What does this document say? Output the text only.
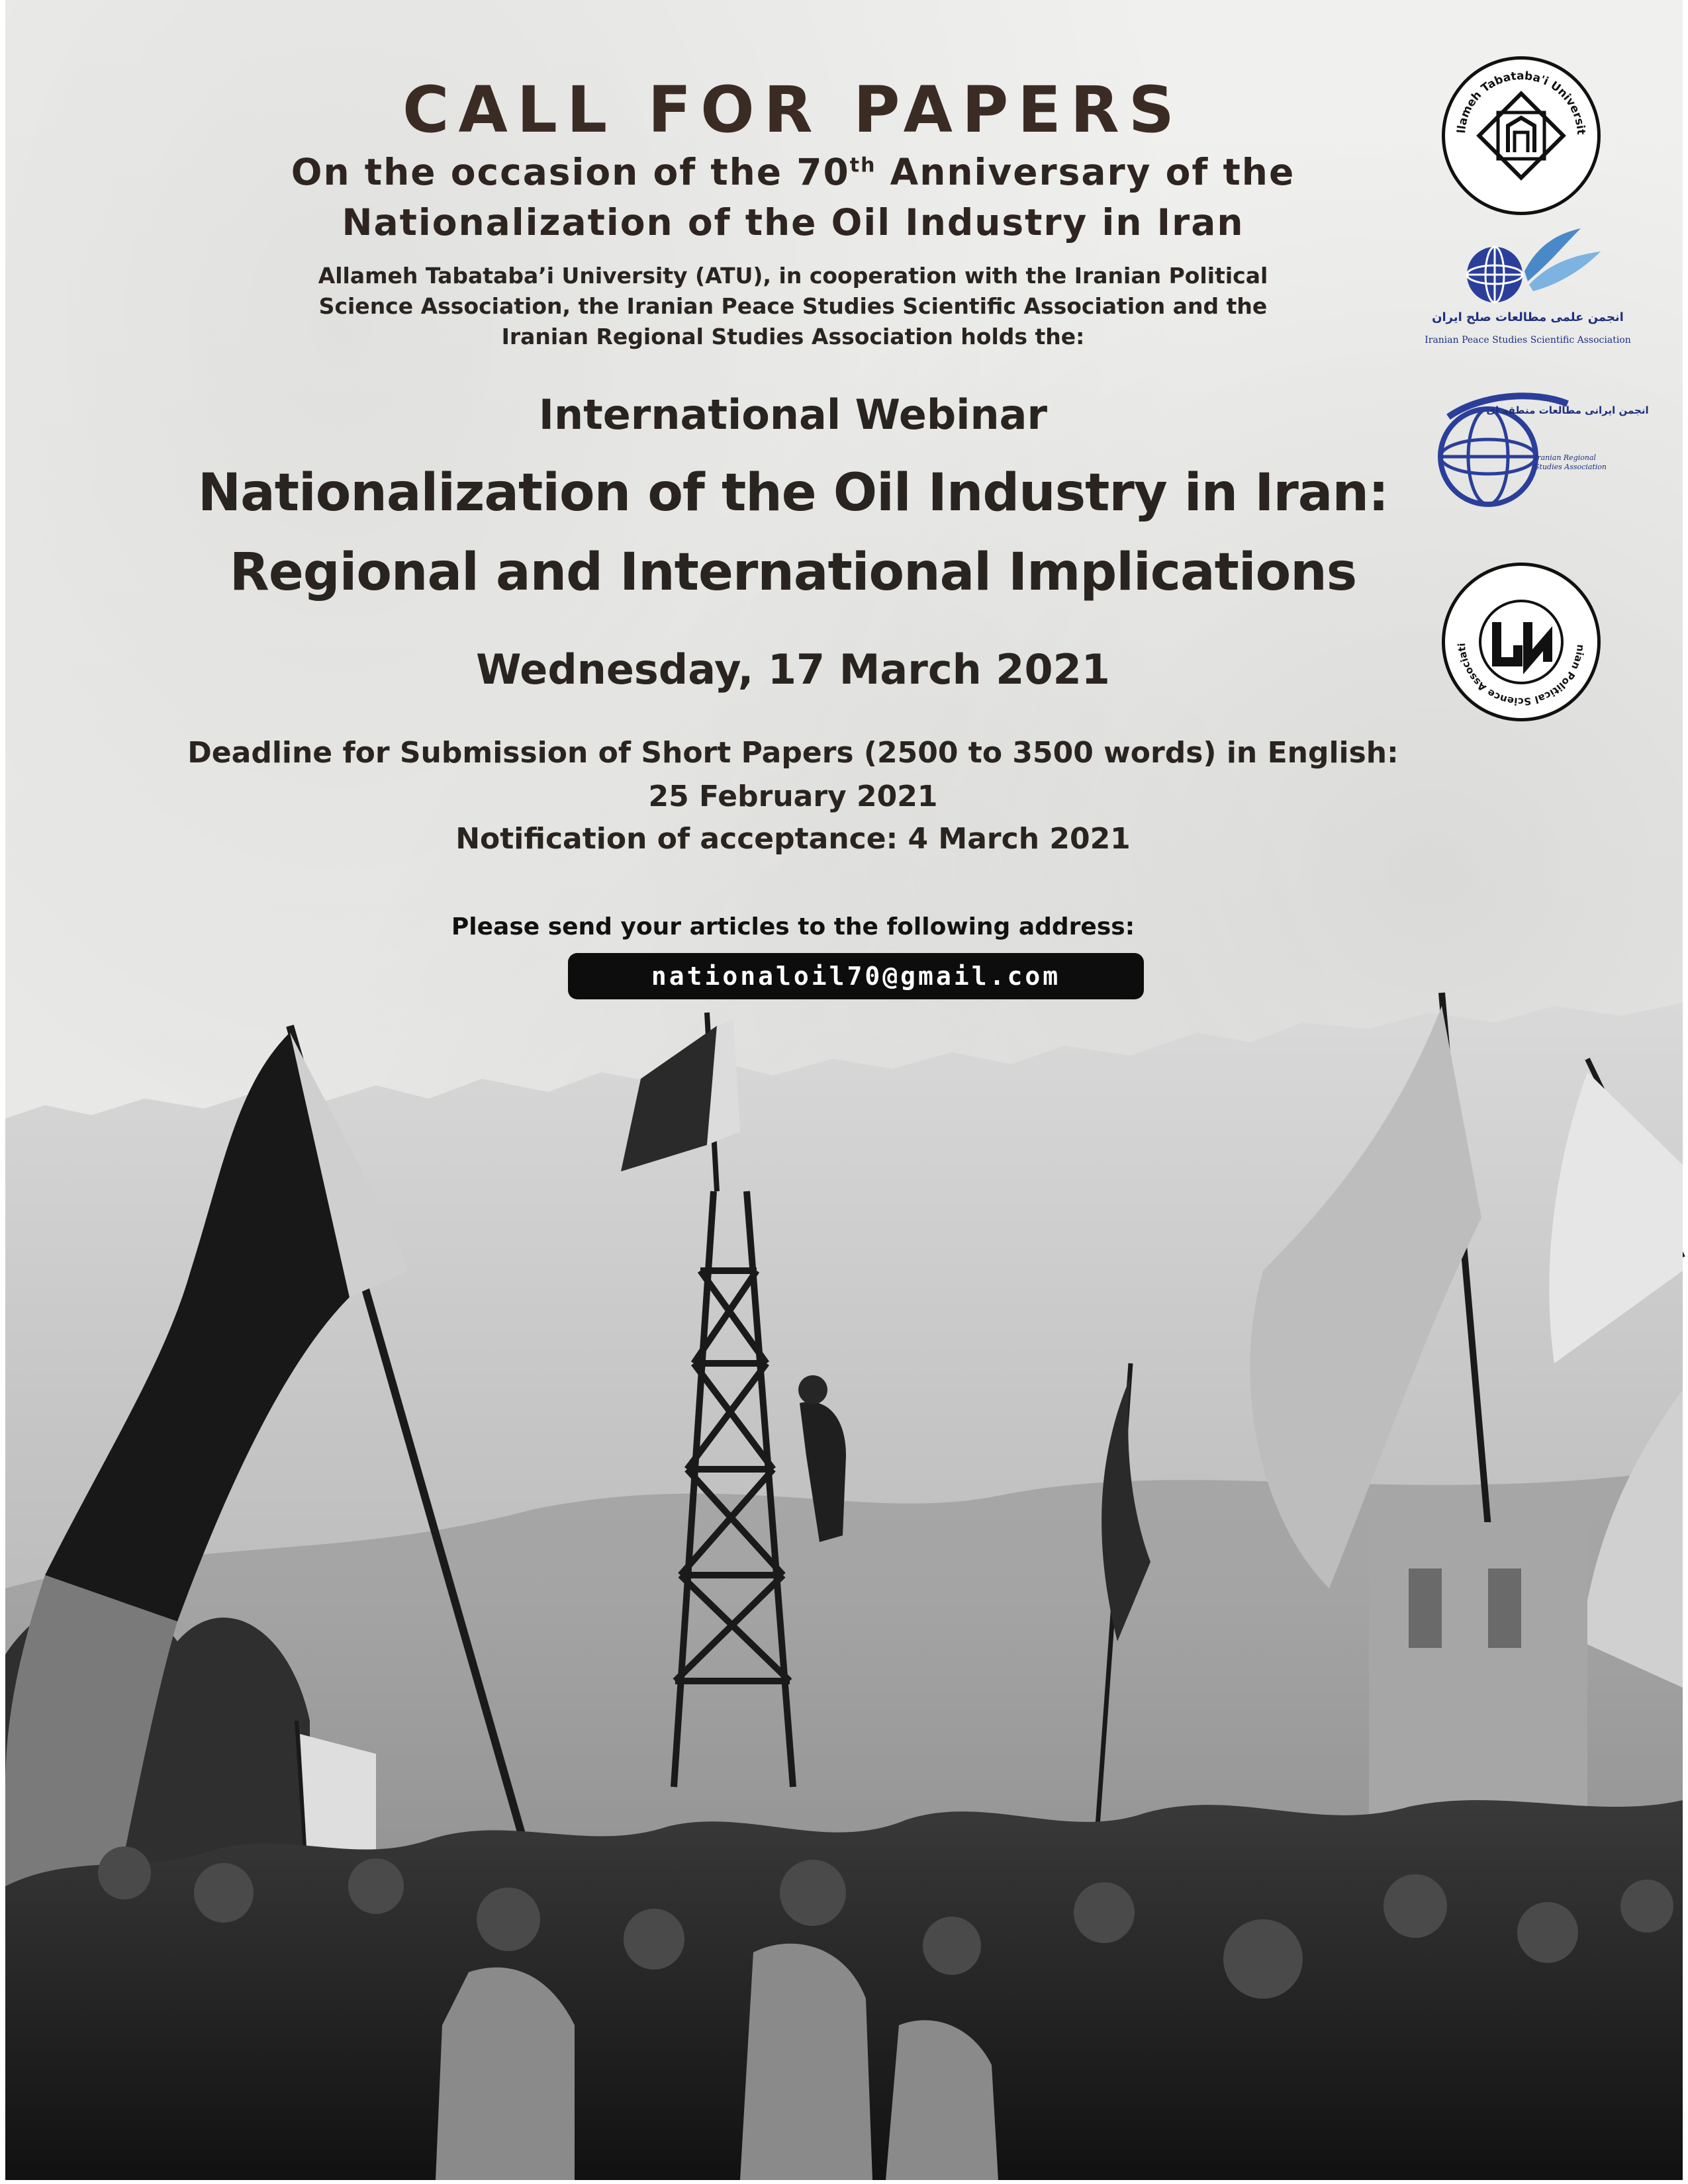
CALL FOR PAPERS
On the occasion of the 70th Anniversary of the
Nationalization of the Oil Industry in Iran
Allameh Tabataba’i University (ATU), in cooperation with the Iranian Political
Science Association, the Iranian Peace Studies Scientific Association and the
Iranian Regional Studies Association holds the:
International Webinar
Nationalization of the Oil Industry in Iran:
Regional and International Implications
Wednesday, 17 March 2021
Deadline for Submission of Short Papers (2500 to 3500 words) in English:
25 February 2021
Notification of acceptance: 4 March 2021
Please send your articles to the following address:
nationaloil70@gmail.com
llameh Tabataba'i Universit
انجمن علمی مطالعات صلح ایران
Iranian Peace Studies Scientific Association
انجمن ایرانی مطالعات منطقه ای
Iranian Regional Studies Association
nian Political Science Associati
